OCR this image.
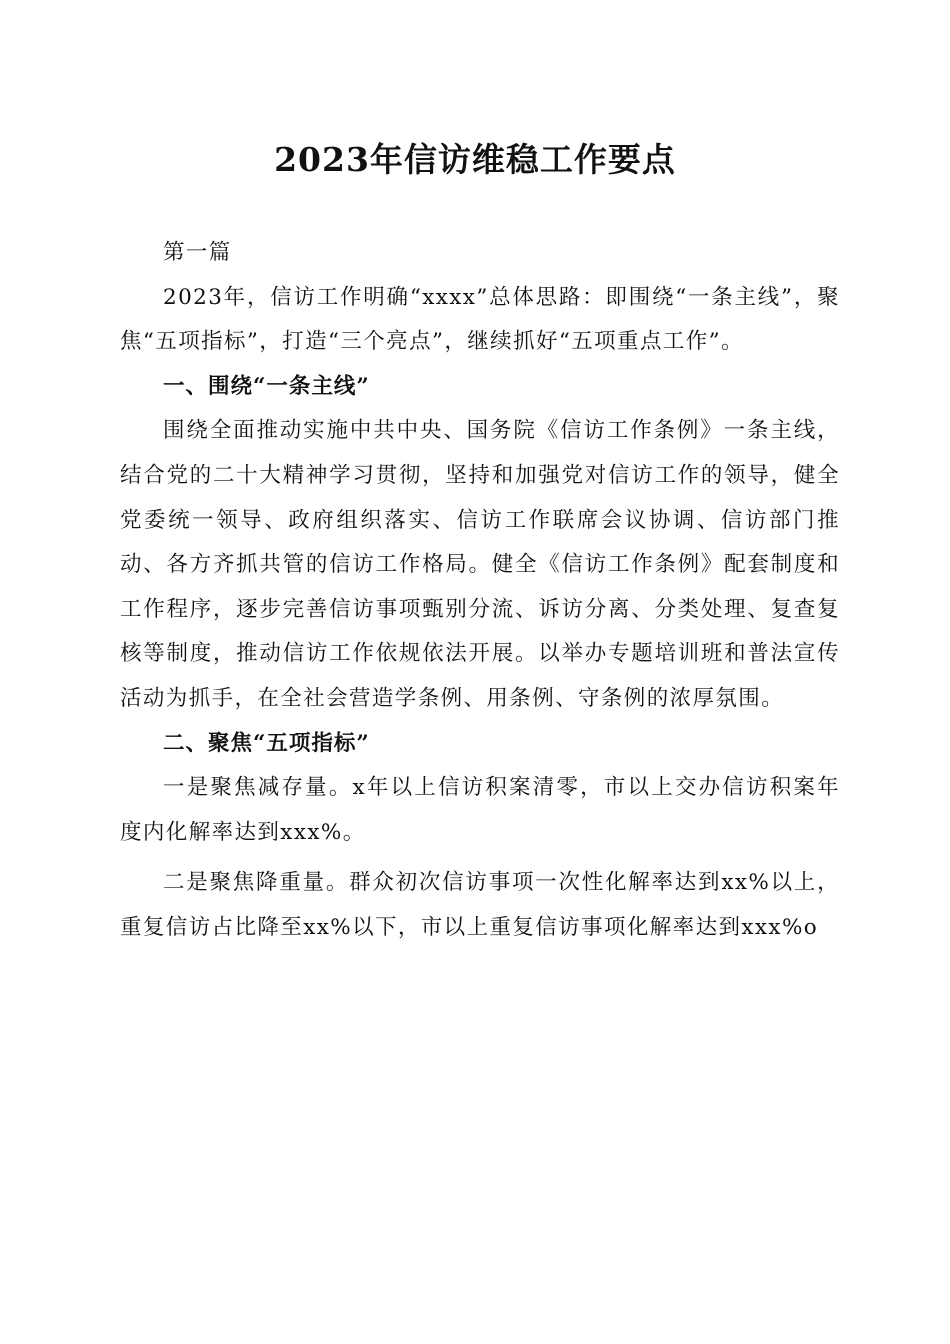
2023年信访维稳工作要点

第一篇

2023年，信访工作明确“xxxx”总体思路：即围绕“一条主线”，聚焦“五项指标”，打造“三个亮点”，继续抓好“五项重点工作”。

一、围绕“一条主线”

围绕全面推动实施中共中央、国务院《信访工作条例》一条主线，结合党的二十大精神学习贯彻，坚持和加强党对信访工作的领导，健全党委统一领导、政府组织落实、信访工作联席会议协调、信访部门推动、各方齐抓共管的信访工作格局。健全《信访工作条例》配套制度和工作程序，逐步完善信访事项甄别分流、诉访分离、分类处理、复查复核等制度，推动信访工作依规依法开展。以举办专题培训班和普法宣传活动为抓手，在全社会营造学条例、用条例、守条例的浓厚氛围。

二、聚焦“五项指标”

一是聚焦减存量。x年以上信访积案清零，市以上交办信访积案年度内化解率达到xxx%。

二是聚焦降重量。群众初次信访事项一次性化解率达到xx%以上，重复信访占比降至xx%以下，市以上重复信访事项化解率达到xxx%o
